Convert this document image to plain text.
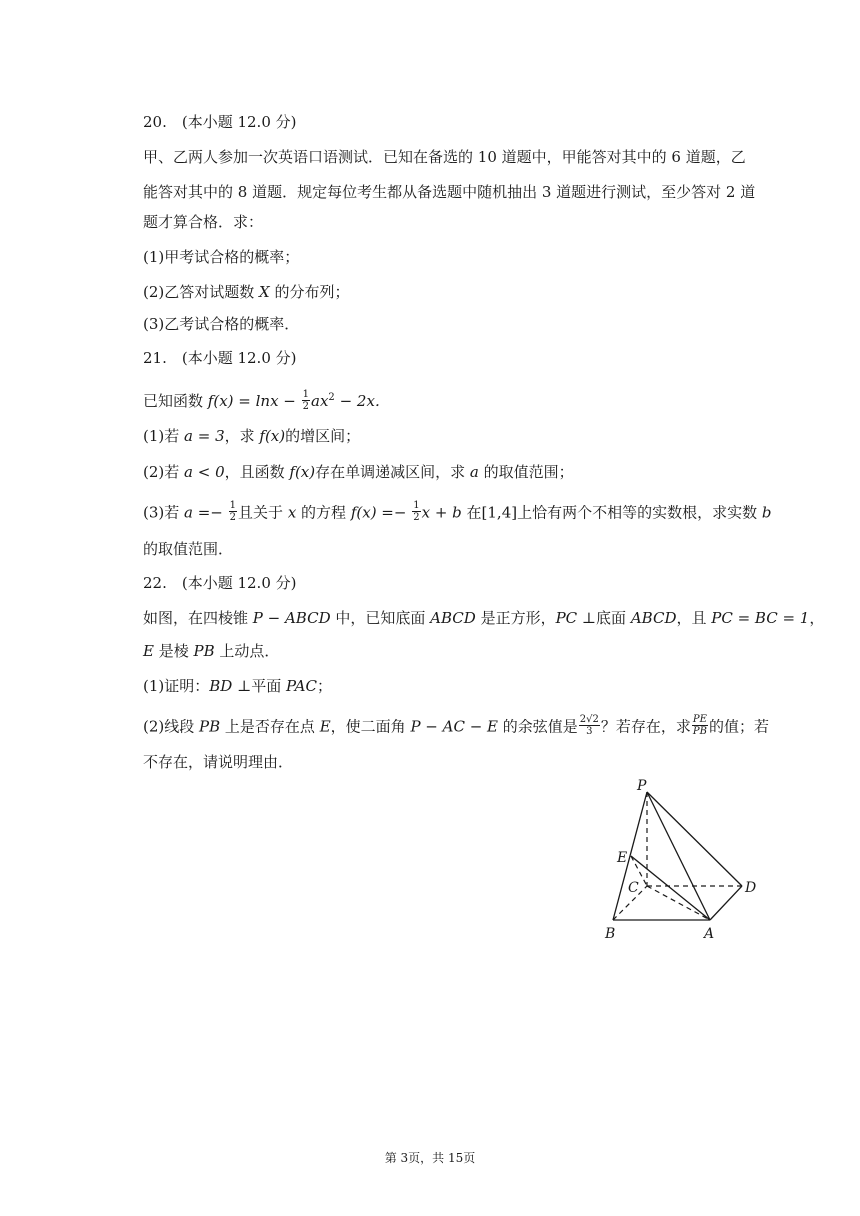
20.　(本小题 12.0 分)
甲、乙两人参加一次英语口语测试．已知在备选的 10 道题中，甲能答对其中的 6 道题，乙
能答对其中的 8 道题．规定每位考生都从备选题中随机抽出 3 道题进行测试，至少答对 2 道
题才算合格．求：
(1)甲考试合格的概率；
(2)乙答对试题数 X 的分布列；
(3)乙考试合格的概率．
21.　(本小题 12.0 分)
已知函数 $f(x) = \ln x - \frac{1}{2} ax^2 - 2x$．
(1)若 a = 3，求 f(x)的增区间；
(2)若 a < 0，且函数 f(x)存在单调递减区间，求 a 的取值范围；
(3)若 $a =- \frac{1}{2}$ 且关于 x 的方程 $f(x) =- \frac{1}{2}$ x + b 在[1,4]上恰有两个不相等的实数根，求实数 b
的取值范围．
22.　(本小题 12.0 分)
如图，在四棱锥 P − ABCD 中，已知底面 ABCD 是正方形，PC ⊥底面 ABCD，且 PC = BC = 1，
E 是棱 PB 上动点．
(1)证明：BD ⊥平面 PAC；
(2)线段 PB 上是否存在点 E，使二面角 P − AC − E 的余弦值是 $\frac{2√2}{3}$ ？若存在，求 $\frac{PE}{PB}$ 的值；若
不存在，请说明理由．
P
E
C	D
B	A
第 3页，共 15页
